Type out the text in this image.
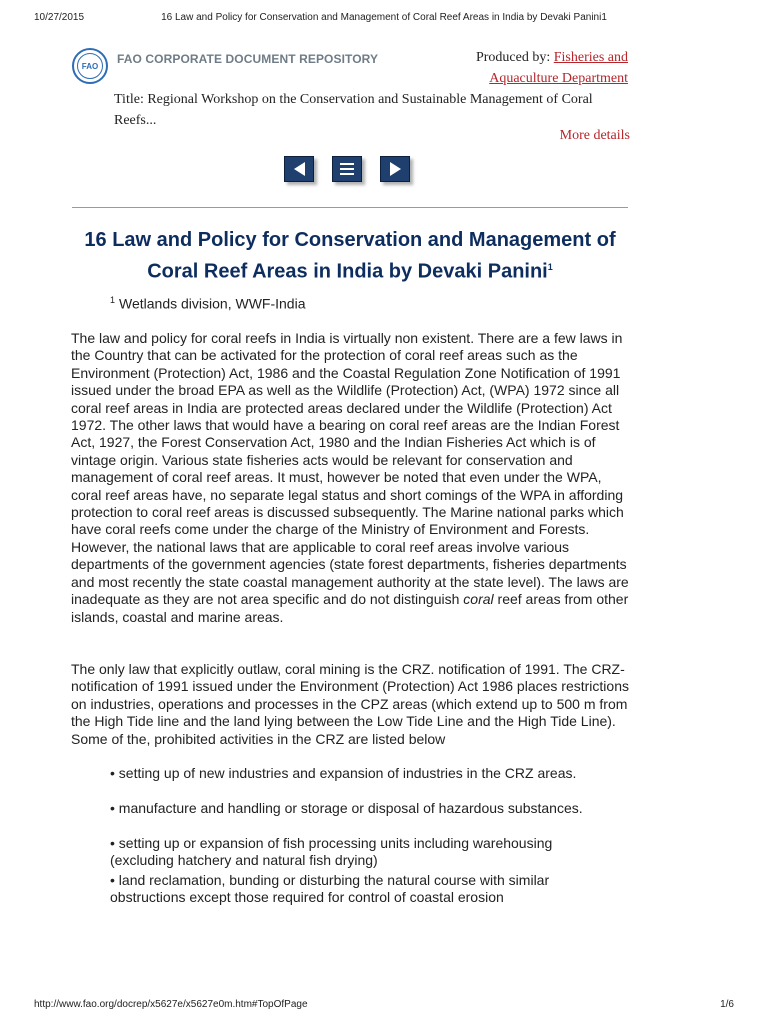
10/27/2015	16 Law and Policy for Conservation and Management of Coral Reef Areas in India by Devaki Panini1
FAO	FAO CORPORATE DOCUMENT REPOSITORY	Produced by: Fisheries and Aquaculture Department
Title: Regional Workshop on the Conservation and Sustainable Management of Coral Reefs...
More details
16 Law and Policy for Conservation and Management of Coral Reef Areas in India by Devaki Panini$^1$
$^1$ Wetlands division, WWF-India

The law and policy for coral reefs in India is virtually non existent. There are a few laws in the Country that can be activated for the protection of coral reef areas such as the Environment (Protection) Act, 1986 and the Coastal Regulation Zone Notification of 1991 issued under the broad EPA as well as the Wildlife (Protection) Act, (WPA) 1972 since all coral reef areas in India are protected areas declared under the Wildlife (Protection) Act 1972. The other laws that would have a bearing on coral reef areas are the Indian Forest Act, 1927, the Forest Conservation Act, 1980 and the Indian Fisheries Act which is of vintage origin. Various state fisheries acts would be relevant for conservation and management of coral reef areas. It must, however be noted that even under the WPA, coral reef areas have, no separate legal status and short comings of the WPA in affording protection to coral reef areas is discussed subsequently. The Marine national parks which have coral reefs come under the charge of the Ministry of Environment and Forests. However, the national laws that are applicable to coral reef areas involve various departments of the government agencies (state forest departments, fisheries departments and most recently the state coastal management authority at the state level). The laws are inadequate as they are not area specific and do not distinguish coral reef areas from other islands, coastal and marine areas.

The only law that explicitly outlaw, coral mining is the CRZ. notification of 1991. The CRZ-notification of 1991 issued under the Environment (Protection) Act 1986 places restrictions on industries, operations and processes in the CPZ areas (which extend up to 500 m from the High Tide line and the land lying between the Low Tide Line and the High Tide Line). Some of the, prohibited activities in the CRZ are listed below

• setting up of new industries and expansion of industries in the CRZ areas.
• manufacture and handling or storage or disposal of hazardous substances.
• setting up or expansion of fish processing units including warehousing (excluding hatchery and natural fish drying)
• land reclamation, bunding or disturbing the natural course with similar obstructions except those required for control of coastal erosion
http://www.fao.org/docrep/x5627e/x5627e0m.htm#TopOfPage	1/6
